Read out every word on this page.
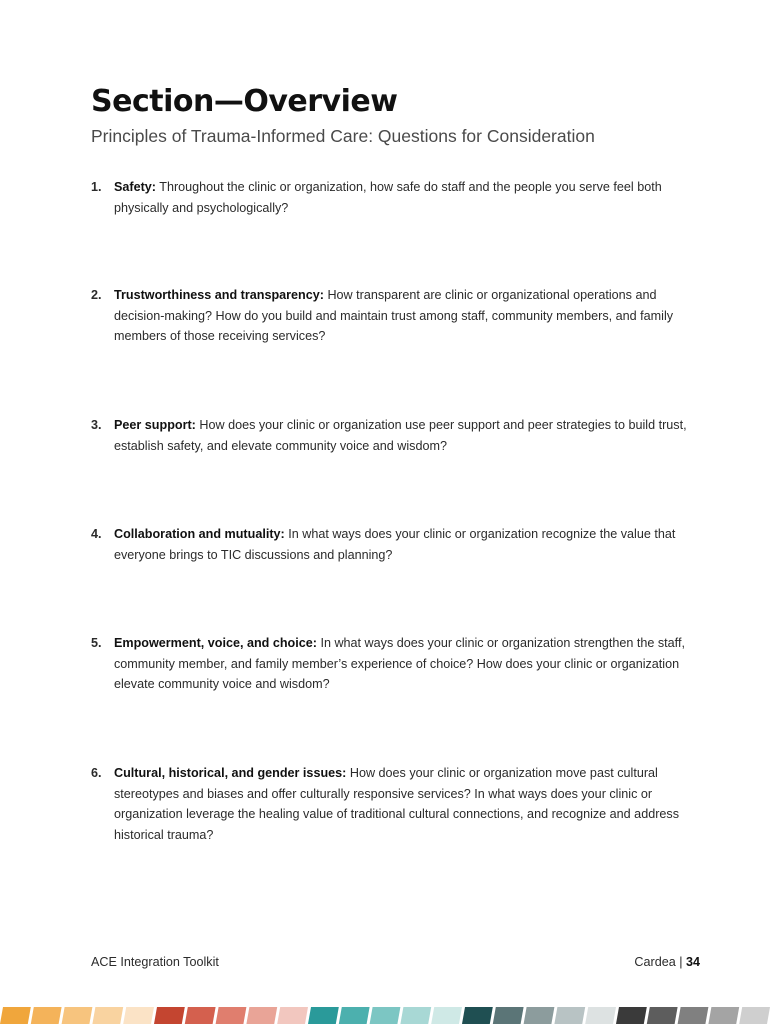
Section—Overview
Principles of Trauma-Informed Care: Questions for Consideration
1. Safety: Throughout the clinic or organization, how safe do staff and the people you serve feel both physically and psychologically?
2. Trustworthiness and transparency: How transparent are clinic or organizational operations and decision-making? How do you build and maintain trust among staff, community members, and family members of those receiving services?
3. Peer support: How does your clinic or organization use peer support and peer strategies to build trust, establish safety, and elevate community voice and wisdom?
4. Collaboration and mutuality: In what ways does your clinic or organization recognize the value that everyone brings to TIC discussions and planning?
5. Empowerment, voice, and choice: In what ways does your clinic or organization strengthen the staff, community member, and family member’s experience of choice? How does your clinic or organization elevate community voice and wisdom?
6. Cultural, historical, and gender issues: How does your clinic or organization move past cultural stereotypes and biases and offer culturally responsive services? In what ways does your clinic or organization leverage the healing value of traditional cultural connections, and recognize and address historical trauma?
ACE Integration Toolkit	Cardea | 34
